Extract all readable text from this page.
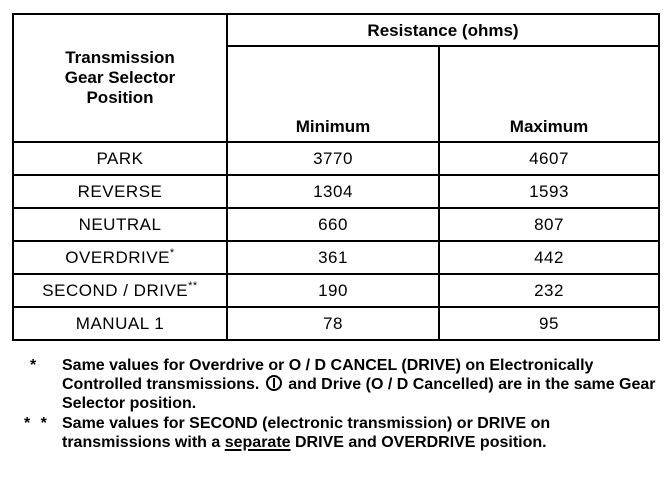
Transmission
Gear Selector
Position	Resistance (ohms)	
	Minimum	Maximum
PARK	3770	4607
REVERSE	1304	1593
NEUTRAL	660	807
OVERDRIVE*	361	442
SECOND / DRIVE**	190	232
MANUAL 1	78	95
* Same values for Overdrive or O / D CANCEL (DRIVE) on Electronically Controlled transmissions. and Drive (O / D Cancelled) are in the same Gear Selector position.
* * Same values for SECOND (electronic transmission) or DRIVE on transmissions with a separate DRIVE and OVERDRIVE position.
